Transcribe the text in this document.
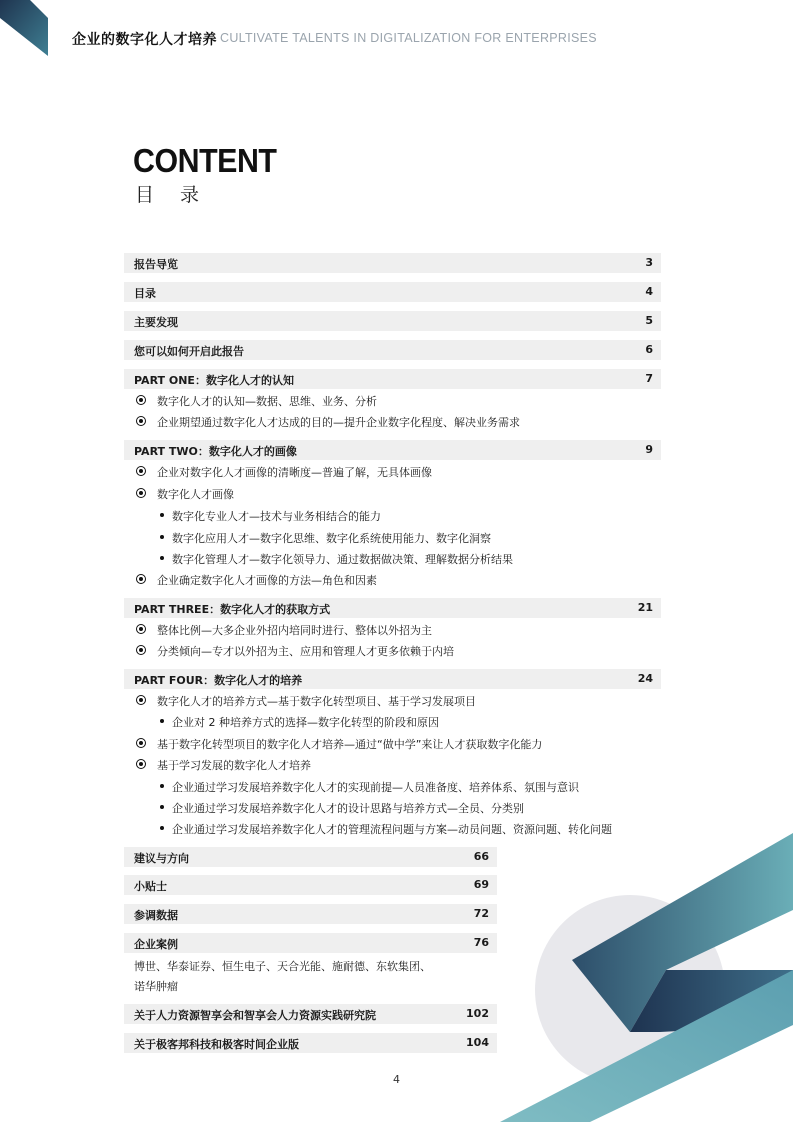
企业的数字化人才培养 CULTIVATE TALENTS IN DIGITALIZATION FOR ENTERPRISES
CONTENT
目 录
报告导览	3
目录	4
主要发现	5
您可以如何开启此报告	6
PART ONE：数字化人才的认知	7
数字化人才的认知—数据、思维、业务、分析
企业期望通过数字化人才达成的目的—提升企业数字化程度、解决业务需求
PART TWO：数字化人才的画像	9
企业对数字化人才画像的清晰度—普遍了解，无具体画像
数字化人才画像
数字化专业人才—技术与业务相结合的能力
数字化应用人才—数字化思维、数字化系统使用能力、数字化洞察
数字化管理人才—数字化领导力、通过数据做决策、理解数据分析结果
企业确定数字化人才画像的方法—角色和因素
PART THREE：数字化人才的获取方式	21
整体比例—大多企业外招内培同时进行、整体以外招为主
分类倾向—专才以外招为主、应用和管理人才更多依赖于内培
PART FOUR：数字化人才的培养	24
数字化人才的培养方式—基于数字化转型项目、基于学习发展项目
企业对 2 种培养方式的选择—数字化转型的阶段和原因
基于数字化转型项目的数字化人才培养—通过“做中学”来让人才获取数字化能力
基于学习发展的数字化人才培养
企业通过学习发展培养数字化人才的实现前提—人员准备度、培养体系、氛围与意识
企业通过学习发展培养数字化人才的设计思路与培养方式—全员、分类别
企业通过学习发展培养数字化人才的管理流程问题与方案—动员问题、资源问题、转化问题
建议与方向	66
小贴士	69
参调数据	72
企业案例	76
博世、华泰证券、恒生电子、天合光能、施耐德、东软集团、
诺华肿瘤
关于人力资源智享会和智享会人力资源实践研究院	102
关于极客邦科技和极客时间企业版	104
4
